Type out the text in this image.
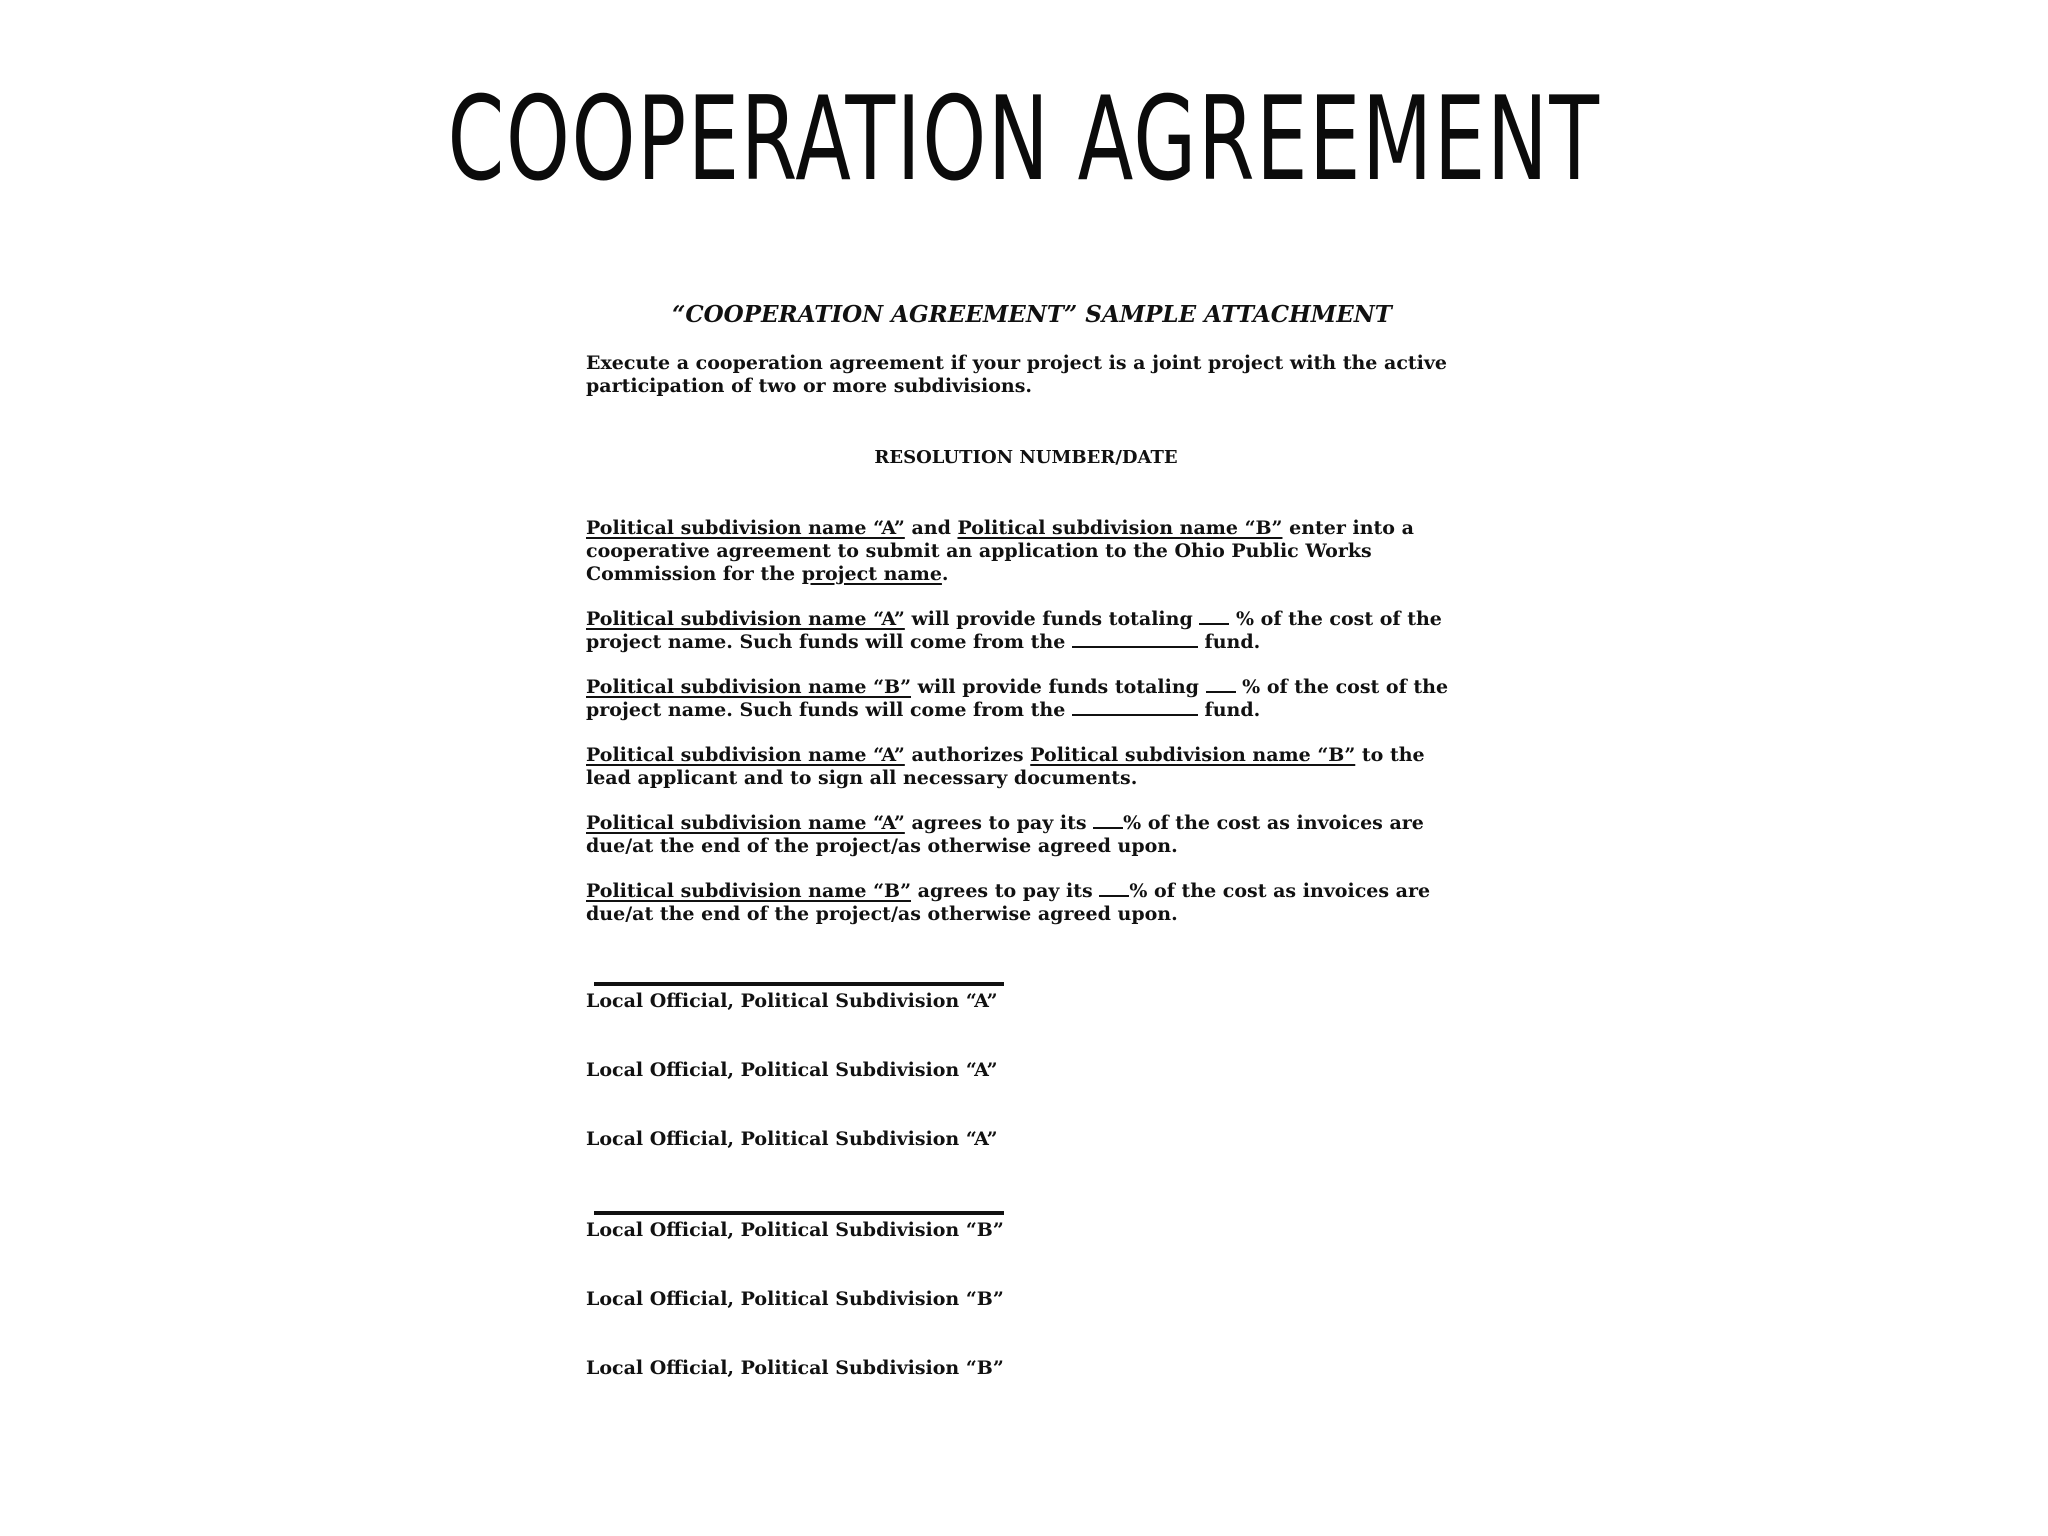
COOPERATION AGREEMENT
“COOPERATION AGREEMENT” SAMPLE ATTACHMENT
Execute a cooperation agreement if your project is a joint project with the active participation of two or more subdivisions.
RESOLUTION NUMBER/DATE
Political subdivision name “A” and Political subdivision name “B” enter into a cooperative agreement to submit an application to the Ohio Public Works Commission for the project name.
Political subdivision name “A” will provide funds totaling  % of the cost of the project name. Such funds will come from the	fund.
Political subdivision name “B” will provide funds totaling  % of the cost of the project name. Such funds will come from the	fund.
Political subdivision name “A” authorizes Political subdivision name “B” to the lead applicant and to sign all necessary documents.
Political subdivision name “A” agrees to pay its % of the cost as invoices are due/at the end of the project/as otherwise agreed upon.
Political subdivision name “B” agrees to pay its % of the cost as invoices are due/at the end of the project/as otherwise agreed upon.
Local Official, Political Subdivision “A”
Local Official, Political Subdivision “A”
Local Official, Political Subdivision “A”
Local Official, Political Subdivision “B”
Local Official, Political Subdivision “B”
Local Official, Political Subdivision “B”
